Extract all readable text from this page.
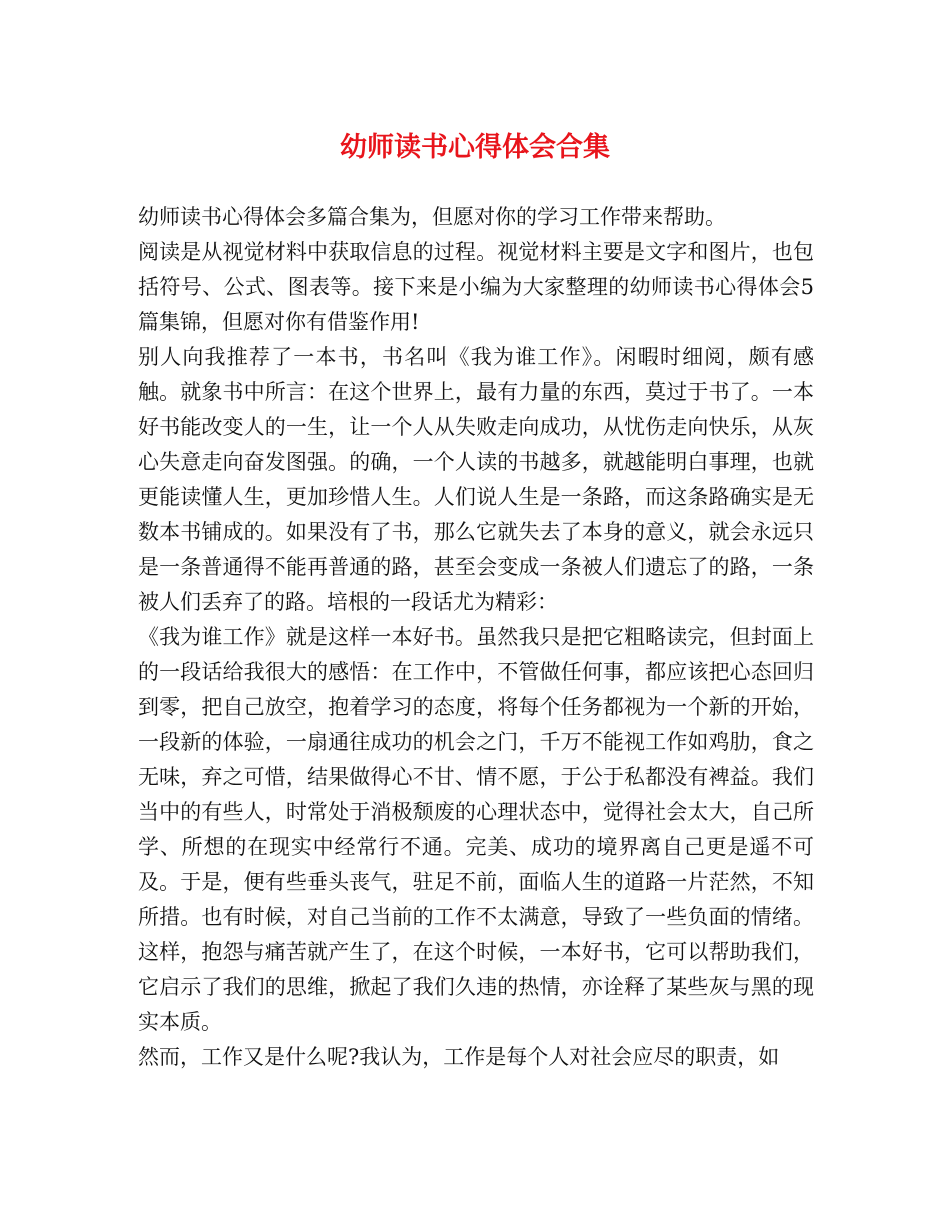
幼师读书心得体会合集

幼师读书心得体会多篇合集为，但愿对你的学习工作带来帮助。

阅读是从视觉材料中获取信息的过程。视觉材料主要是文字和图片，也包括符号、公式、图表等。接下来是小编为大家整理的幼师读书心得体会5篇集锦，但愿对你有借鉴作用!

别人向我推荐了一本书，书名叫《我为谁工作》。闲暇时细阅，颇有感触。就象书中所言：在这个世界上，最有力量的东西，莫过于书了。一本好书能改变人的一生，让一个人从失败走向成功，从忧伤走向快乐，从灰心失意走向奋发图强。的确，一个人读的书越多，就越能明白事理，也就更能读懂人生，更加珍惜人生。人们说人生是一条路，而这条路确实是无数本书铺成的。如果没有了书，那么它就失去了本身的意义，就会永远只是一条普通得不能再普通的路，甚至会变成一条被人们遗忘了的路，一条被人们丢弃了的路。培根的一段话尤为精彩：

《我为谁工作》就是这样一本好书。虽然我只是把它粗略读完，但封面上的一段话给我很大的感悟：在工作中，不管做任何事，都应该把心态回归到零，把自己放空，抱着学习的态度，将每个任务都视为一个新的开始，一段新的体验，一扇通往成功的机会之门，千万不能视工作如鸡肋，食之无味，弃之可惜，结果做得心不甘、情不愿，于公于私都没有裨益。我们当中的有些人，时常处于消极颓废的心理状态中，觉得社会太大，自己所学、所想的在现实中经常行不通。完美、成功的境界离自己更是遥不可及。于是，便有些垂头丧气，驻足不前，面临人生的道路一片茫然，不知所措。也有时候，对自己当前的工作不太满意，导致了一些负面的情绪。这样，抱怨与痛苦就产生了，在这个时候，一本好书，它可以帮助我们，它启示了我们的思维，掀起了我们久违的热情，亦诠释了某些灰与黑的现实本质。

然而，工作又是什么呢?我认为，工作是每个人对社会应尽的职责，如
